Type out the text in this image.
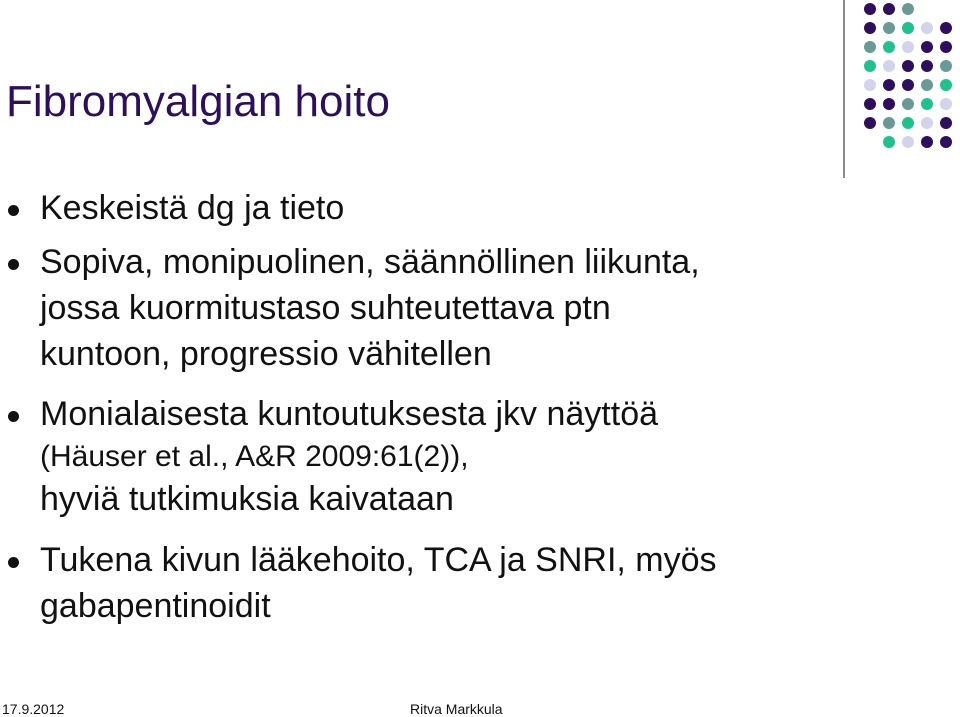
Fibromyalgian hoito
Keskeistä dg ja tieto
Sopiva, monipuolinen, säännöllinen liikunta,
jossa kuormitustaso suhteutettava ptn
kuntoon, progressio vähitellen
Monialaisesta kuntoutuksesta jkv näyttöä
(Häuser et al., A&R 2009:61(2)),
hyviä tutkimuksia kaivataan
Tukena kivun lääkehoito, TCA ja SNRI, myös
gabapentinoidit
17.9.2012	Ritva Markkula
